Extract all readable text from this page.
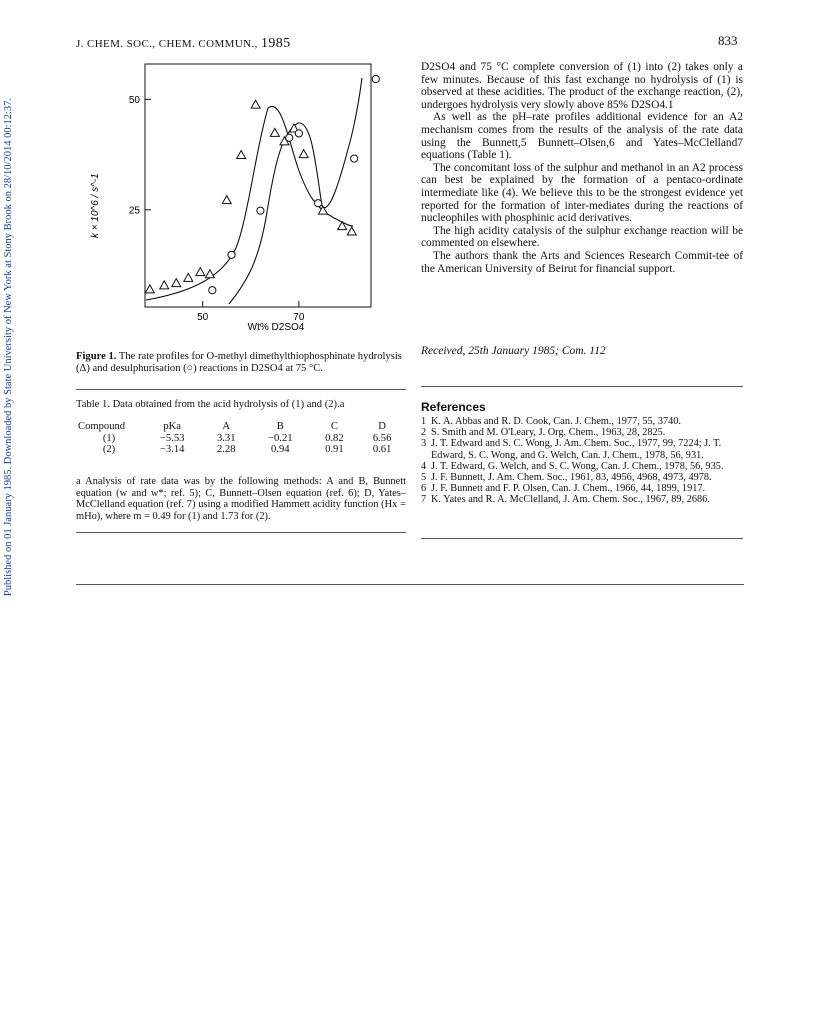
Published on 01 January 1985. Downloaded by State University of New York at Stony Brook on 28/10/2014 00:12:37.
J. CHEM. SOC., CHEM. COMMUN., 1985	833
50	70
25
50
Wt% D2SO4
k × 10^6 / s^-1
Figure 1. The rate profiles for O-methyl dimethylthiophosphinate hydrolysis (Δ) and desulphurisation (○) reactions in D2SO4 at 75 °C.
Table 1. Data obtained from the acid hydrolysis of (1) and (2).a
Compound	pKa	A	B	C	D
(1)	−5.53	3.31	−0.21	0.82	6.56
(2)	−3.14	2.28	0.94	0.91	0.61
a Analysis of rate data was by the following methods: A and B, Bunnett equation (w and w*; ref. 5); C, Bunnett–Olsen equation (ref. 6); D, Yates–McClelland equation (ref. 7) using a modified Hammett acidity function (Hx = mHo), where m = 0.49 for (1) and 1.73 for (2).

D2SO4 and 75 °C complete conversion of (1) into (2) takes only a few minutes. Because of this fast exchange no hydrolysis of (1) is observed at these acidities. The product of the exchange reaction, (2), undergoes hydrolysis very slowly above 85% D2SO4.1

As well as the pH–rate profiles additional evidence for an A2 mechanism comes from the results of the analysis of the rate data using the Bunnett,5 Bunnett–Olsen,6 and Yates–McClelland7 equations (Table 1).

The concomitant loss of the sulphur and methanol in an A2 process can best be explained by the formation of a pentaco-ordinate intermediate like (4). We believe this to be the strongest evidence yet reported for the formation of inter-mediates during the reactions of nucleophiles with phosphinic acid derivatives.

The high acidity catalysis of the sulphur exchange reaction will be commented on elsewhere.

The authors thank the Arts and Sciences Research Commit-tee of the American University of Beirut for financial support.

Received, 25th January 1985; Com. 112
References
1 K. A. Abbas and R. D. Cook, Can. J. Chem., 1977, 55, 3740.
2 S. Smith and M. O'Leary, J. Org. Chem., 1963, 28, 2825.
3 J. T. Edward and S. C. Wong, J. Am. Chem. Soc., 1977, 99, 7224; J. T. Edward, S. C. Wong, and G. Welch, Can. J. Chem., 1978, 56, 931.
4 J. T. Edward, G. Welch, and S. C. Wong, Can. J. Chem., 1978, 56, 935.
5 J. F. Bunnett, J. Am. Chem. Soc., 1961, 83, 4956, 4968, 4973, 4978.
6 J. F. Bunnett and F. P. Olsen, Can. J. Chem., 1966, 44, 1899, 1917.
7 K. Yates and R. A. McClelland, J. Am. Chem. Soc., 1967, 89, 2686.
